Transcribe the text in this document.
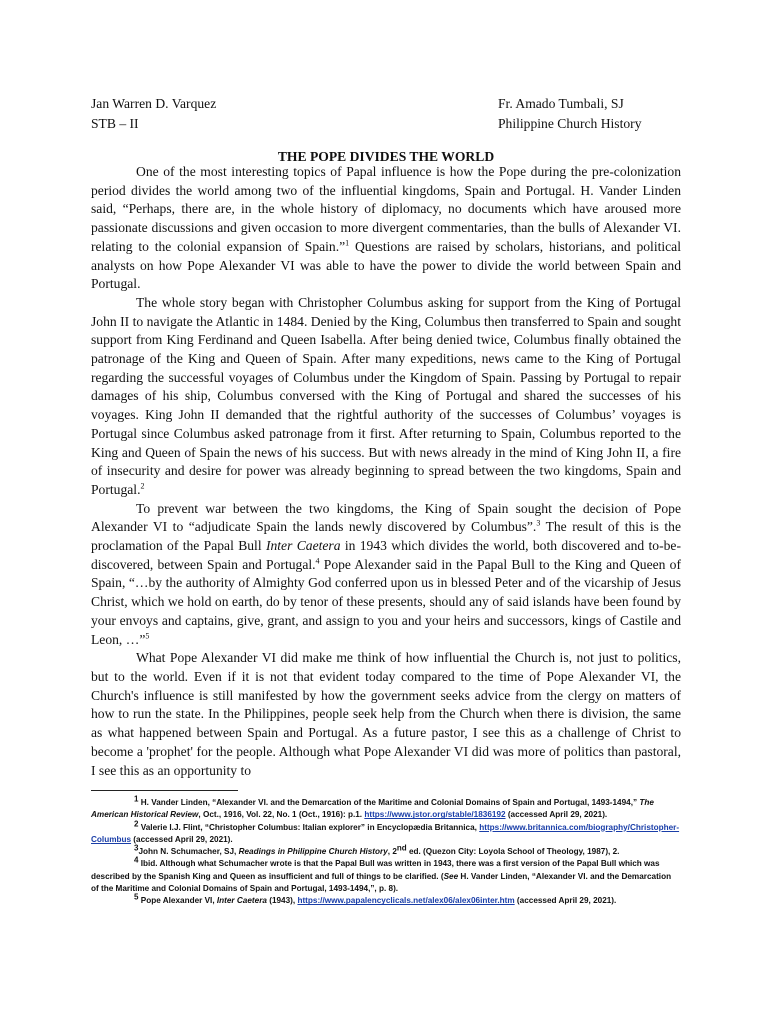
Jan Warren D. Varquez	Fr. Amado Tumbali, SJ
STB – II	Philippine Church History
THE POPE DIVIDES THE WORLD

One of the most interesting topics of Papal influence is how the Pope during the pre-colonization period divides the world among two of the influential kingdoms, Spain and Portugal. H. Vander Linden said, “Perhaps, there are, in the whole history of diplomacy, no documents which have aroused more passionate discussions and given occasion to more divergent commentaries, than the bulls of Alexander VI. relating to the colonial expansion of Spain.”$^1$ Questions are raised by scholars, historians, and political analysts on how Pope Alexander VI was able to have the power to divide the world between Spain and Portugal.

The whole story began with Christopher Columbus asking for support from the King of Portugal John II to navigate the Atlantic in 1484. Denied by the King, Columbus then transferred to Spain and sought support from King Ferdinand and Queen Isabella. After being denied twice, Columbus finally obtained the patronage of the King and Queen of Spain. After many expeditions, news came to the King of Portugal regarding the successful voyages of Columbus under the Kingdom of Spain. Passing by Portugal to repair damages of his ship, Columbus conversed with the King of Portugal and shared the successes of his voyages. King John II demanded that the rightful authority of the successes of Columbus’ voyages is Portugal since Columbus asked patronage from it first. After returning to Spain, Columbus reported to the King and Queen of Spain the news of his success. But with news already in the mind of King John II, a fire of insecurity and desire for power was already beginning to spread between the two kingdoms, Spain and Portugal.$^2$

To prevent war between the two kingdoms, the King of Spain sought the decision of Pope Alexander VI to “adjudicate Spain the lands newly discovered by Columbus”.$^3$ The result of this is the proclamation of the Papal Bull Inter Caetera in 1943 which divides the world, both discovered and to-be-discovered, between Spain and Portugal.$^4$ Pope Alexander said in the Papal Bull to the King and Queen of Spain, “…by the authority of Almighty God conferred upon us in blessed Peter and of the vicarship of Jesus Christ, which we hold on earth, do by tenor of these presents, should any of said islands have been found by your envoys and captains, give, grant, and assign to you and your heirs and successors, kings of Castile and Leon, …”$^5$

What Pope Alexander VI did make me think of how influential the Church is, not just to politics, but to the world. Even if it is not that evident today compared to the time of Pope Alexander VI, the Church's influence is still manifested by how the government seeks advice from the clergy on matters of how to run the state. In the Philippines, people seek help from the Church when there is division, the same as what happened between Spain and Portugal. As a future pastor, I see this as a challenge of Christ to become a 'prophet' for the people. Although what Pope Alexander VI did was more of politics than pastoral, I see this as an opportunity to

$^1$ H. Vander Linden, “Alexander VI. and the Demarcation of the Maritime and Colonial Domains of Spain and Portugal, 1493-1494,” The American Historical Review, Oct., 1916, Vol. 22, No. 1 (Oct., 1916): p.1. https://www.jstor.org/stable/1836192 (accessed April 29, 2021).

$^2$ Valerie I.J. Flint, “Christopher Columbus: Italian explorer” in Encyclopædia Britannica, https://www.britannica.com/biography/Christopher-Columbus (accessed April 29, 2021).

$^3$John N. Schumacher, SJ, Readings in Philippine Church History, 2nd ed. (Quezon City: Loyola School of Theology, 1987), 2.

$^4$ Ibid. Although what Schumacher wrote is that the Papal Bull was written in 1943, there was a first version of the Papal Bull which was described by the Spanish King and Queen as insufficient and full of things to be clarified. (See H. Vander Linden, “Alexander VI. and the Demarcation of the Maritime and Colonial Domains of Spain and Portugal, 1493-1494,”, p. 8).

$^5$ Pope Alexander VI, Inter Caetera (1943), https://www.papalencyclicals.net/alex06/alex06inter.htm (accessed April 29, 2021).
